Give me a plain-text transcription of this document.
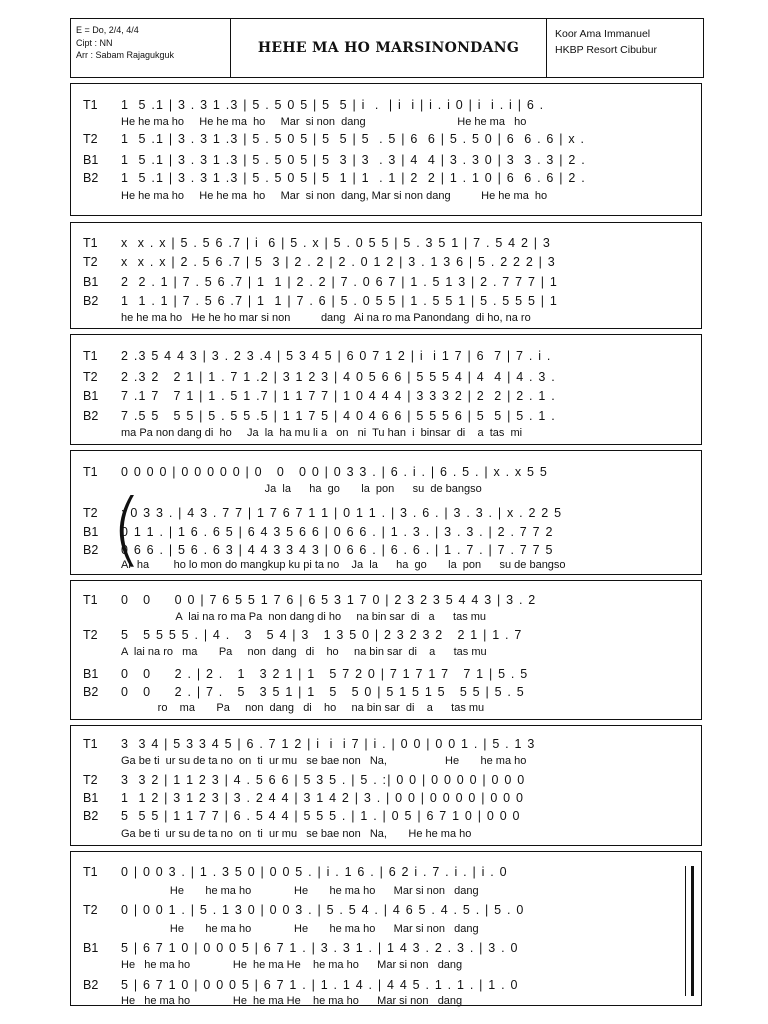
E = Do, 2/4, 4/4
Cipt : NN
Arr : Sabam Rajagukguk	HEHE MA HO MARSINONDANG
Koor Ama Immanuel
HKBP Resort Cibubur
T1 1  5 .1 | 3 . 3 1 .3 | 5 . 5 0 5 | 5  5 | i  .  | i  i | i . i 0 | i  i . i | 6 .
He he ma ho     He he ma  ho     Mar  si non  dang                              He he ma   ho
T2 1  5 .1 | 3 . 3 1 .3 | 5 . 5 0 5 | 5  5 | 5  . 5 | 6  6 | 5 . 5 0 | 6  6 . 6 | x .
B1 1  5 .1 | 3 . 3 1 .3 | 5 . 5 0 5 | 5  3 | 3  . 3 | 4  4 | 3 . 3 0 | 3  3 . 3 | 2 .
B2 1  5 .1 | 3 . 3 1 .3 | 5 . 5 0 5 | 5  1 | 1  . 1 | 2  2 | 1 . 1 0 | 6  6 . 6 | 2 .
He he ma ho     He he ma  ho     Mar  si non  dang, Mar si non dang          He he ma  ho
T1 x  x . x | 5 . 5 6 .7 | i  6 | 5 . x | 5 . 0 5 5 | 5 . 3 5 1 | 7 . 5 4 2 | 3
T2 x  x . x | 2 . 5 6 .7 | 5  3 | 2 . 2 | 2 . 0 1 2 | 3 . 1 3 6 | 5 . 2 2 2 | 3
B1 2  2 . 1 | 7 . 5 6 .7 | 1  1 | 2 . 2 | 7 . 0 6 7 | 1 . 5 1 3 | 2 . 7 7 7 | 1
B2 1  1 . 1 | 7 . 5 6 .7 | 1  1 | 7 . 6 | 5 . 0 5 5 | 1 . 5 5 1 | 5 . 5 5 5 | 1
he he ma ho   He he ho mar si non          dang   Ai na ro ma Panondang  di ho, na ro
T1 2 .3 5 4 4 3 | 3 . 2 3 .4 | 5 3 4 5 | 6 0 7 1 2 | i  i 1 7 | 6  7 | 7 . i .
T2 2 .3 2   2 1 | 1 . 7 1 .2 | 3 1 2 3 | 4 0 5 6 6 | 5 5 5 4 | 4  4 | 4 . 3 .
B1 7 .1 7   7 1 | 1 . 5 1 .7 | 1 1 7 7 | 1 0 4 4 4 | 3 3 3 2 | 2  2 | 2 . 1 .
B2 7 .5 5   5 5 | 5 . 5 5 .5 | 1 1 7 5 | 4 0 4 6 6 | 5 5 5 6 | 5  5 | 5 . 1 .
ma Pa non dang di  ho     Ja  la  ha mu li a   on   ni  Tu han  i  binsar  di    a  tas  mi
T1 0 0 0 0 | 0 0 0 0 0 | 0   0   0 0 | 0 3 3 . | 6 . i . | 6 . 5 . | x . x 5 5
Ja  la      ha  go       la  pon      su  de bangso
T2 : 0 3 3 . | 4 3 . 7 7 | 1 7 6 7 1 1 | 0 1 1 . | 3 . 6 . | 3 . 3 . | x . 2 2 5
B1 0 1 1 . | 1 6 . 6 5 | 6 4 3 5 6 6 | 0 6 6 . | 1 . 3 . | 3 . 3 . | 2 . 7 7 2
B2 0 6 6 . | 5 6 . 6 3 | 4 4 3 3 4 3 | 0 6 6 . | 6 . 6 . | 1 . 7 . | 7 . 7 7 5
Ai  ha        ho lo mon do mangkup ku pi ta no    Ja  la      ha  go       la  pon      su de bangso
(
T1 0   0     0 0 | 7 6 5 5 1 7 6 | 6 5 3 1 7 0 | 2 3 2 3 5 4 4 3 | 3 . 2
A  lai na ro ma Pa  non dang di ho     na bin sar  di   a      tas mu
T2 5   5 5 5 5 . | 4 .   3   5 4 | 3   1 3 5 0 | 2 3 2 3 2   2 1 | 1 . 7
A  lai na ro   ma       Pa     non  dang   di    ho     na bin sar  di    a      tas mu
B1 0   0     2 . | 2 .   1   3 2 1 | 1   5 7 2 0 | 7 1 7 1 7   7 1 | 5 . 5
B2 0   0     2 . | 7 .   5   3 5 1 | 1   5   5 0 | 5 1 5 1 5   5 5 | 5 . 5
ro    ma       Pa     non  dang   di    ho     na bin sar  di    a      tas mu
T1 3  3 4 | 5 3 3 4 5 | 6 . 7 1 2 | i  i  i 7 | i . | 0 0 | 0 0 1 . | 5 . 1 3
Ga be ti  ur su de ta no  on  ti  ur mu   se bae non   Na,                   He       he ma ho
T2 3  3 2 | 1 1 2 3 | 4 . 5 6 6 | 5 3 5 . | 5 . :| 0 0 | 0 0 0 0 | 0 0 0
B1 1  1 2 | 3 1 2 3 | 3 . 2 4 4 | 3 1 4 2 | 3 . | 0 0 | 0 0 0 0 | 0 0 0
B2 5  5 5 | 1 1 7 7 | 6 . 5 4 4 | 5 5 5 . | 1 . | 0 5 | 6 7 1 0 | 0 0 0
Ga be ti  ur su de ta no  on  ti  ur mu   se bae non   Na,       He he ma ho
T1 0 | 0 0 3 . | 1 . 3 5 0 | 0 0 5 . | i . 1 6 . | 6 2 i . 7 . i . | i . 0
He       he ma ho              He       he ma ho      Mar si non   dang
T2 0 | 0 0 1 . | 5 . 1 3 0 | 0 0 3 . | 5 . 5 4 . | 4 6 5 . 4 . 5 . | 5 . 0
He       he ma ho              He       he ma ho      Mar si non   dang
B1 5 | 6 7 1 0 | 0 0 0 5 | 6 7 1 . | 3 . 3 1 . | 1 4 3 . 2 . 3 . | 3 . 0
He   he ma ho              He  he ma He    he ma ho      Mar si non   dang
B2 5 | 6 7 1 0 | 0 0 0 5 | 6 7 1 . | 1 . 1 4 . | 4 4 5 . 1 . 1 . | 1 . 0
He   he ma ho              He  he ma He    he ma ho      Mar si non   dang
